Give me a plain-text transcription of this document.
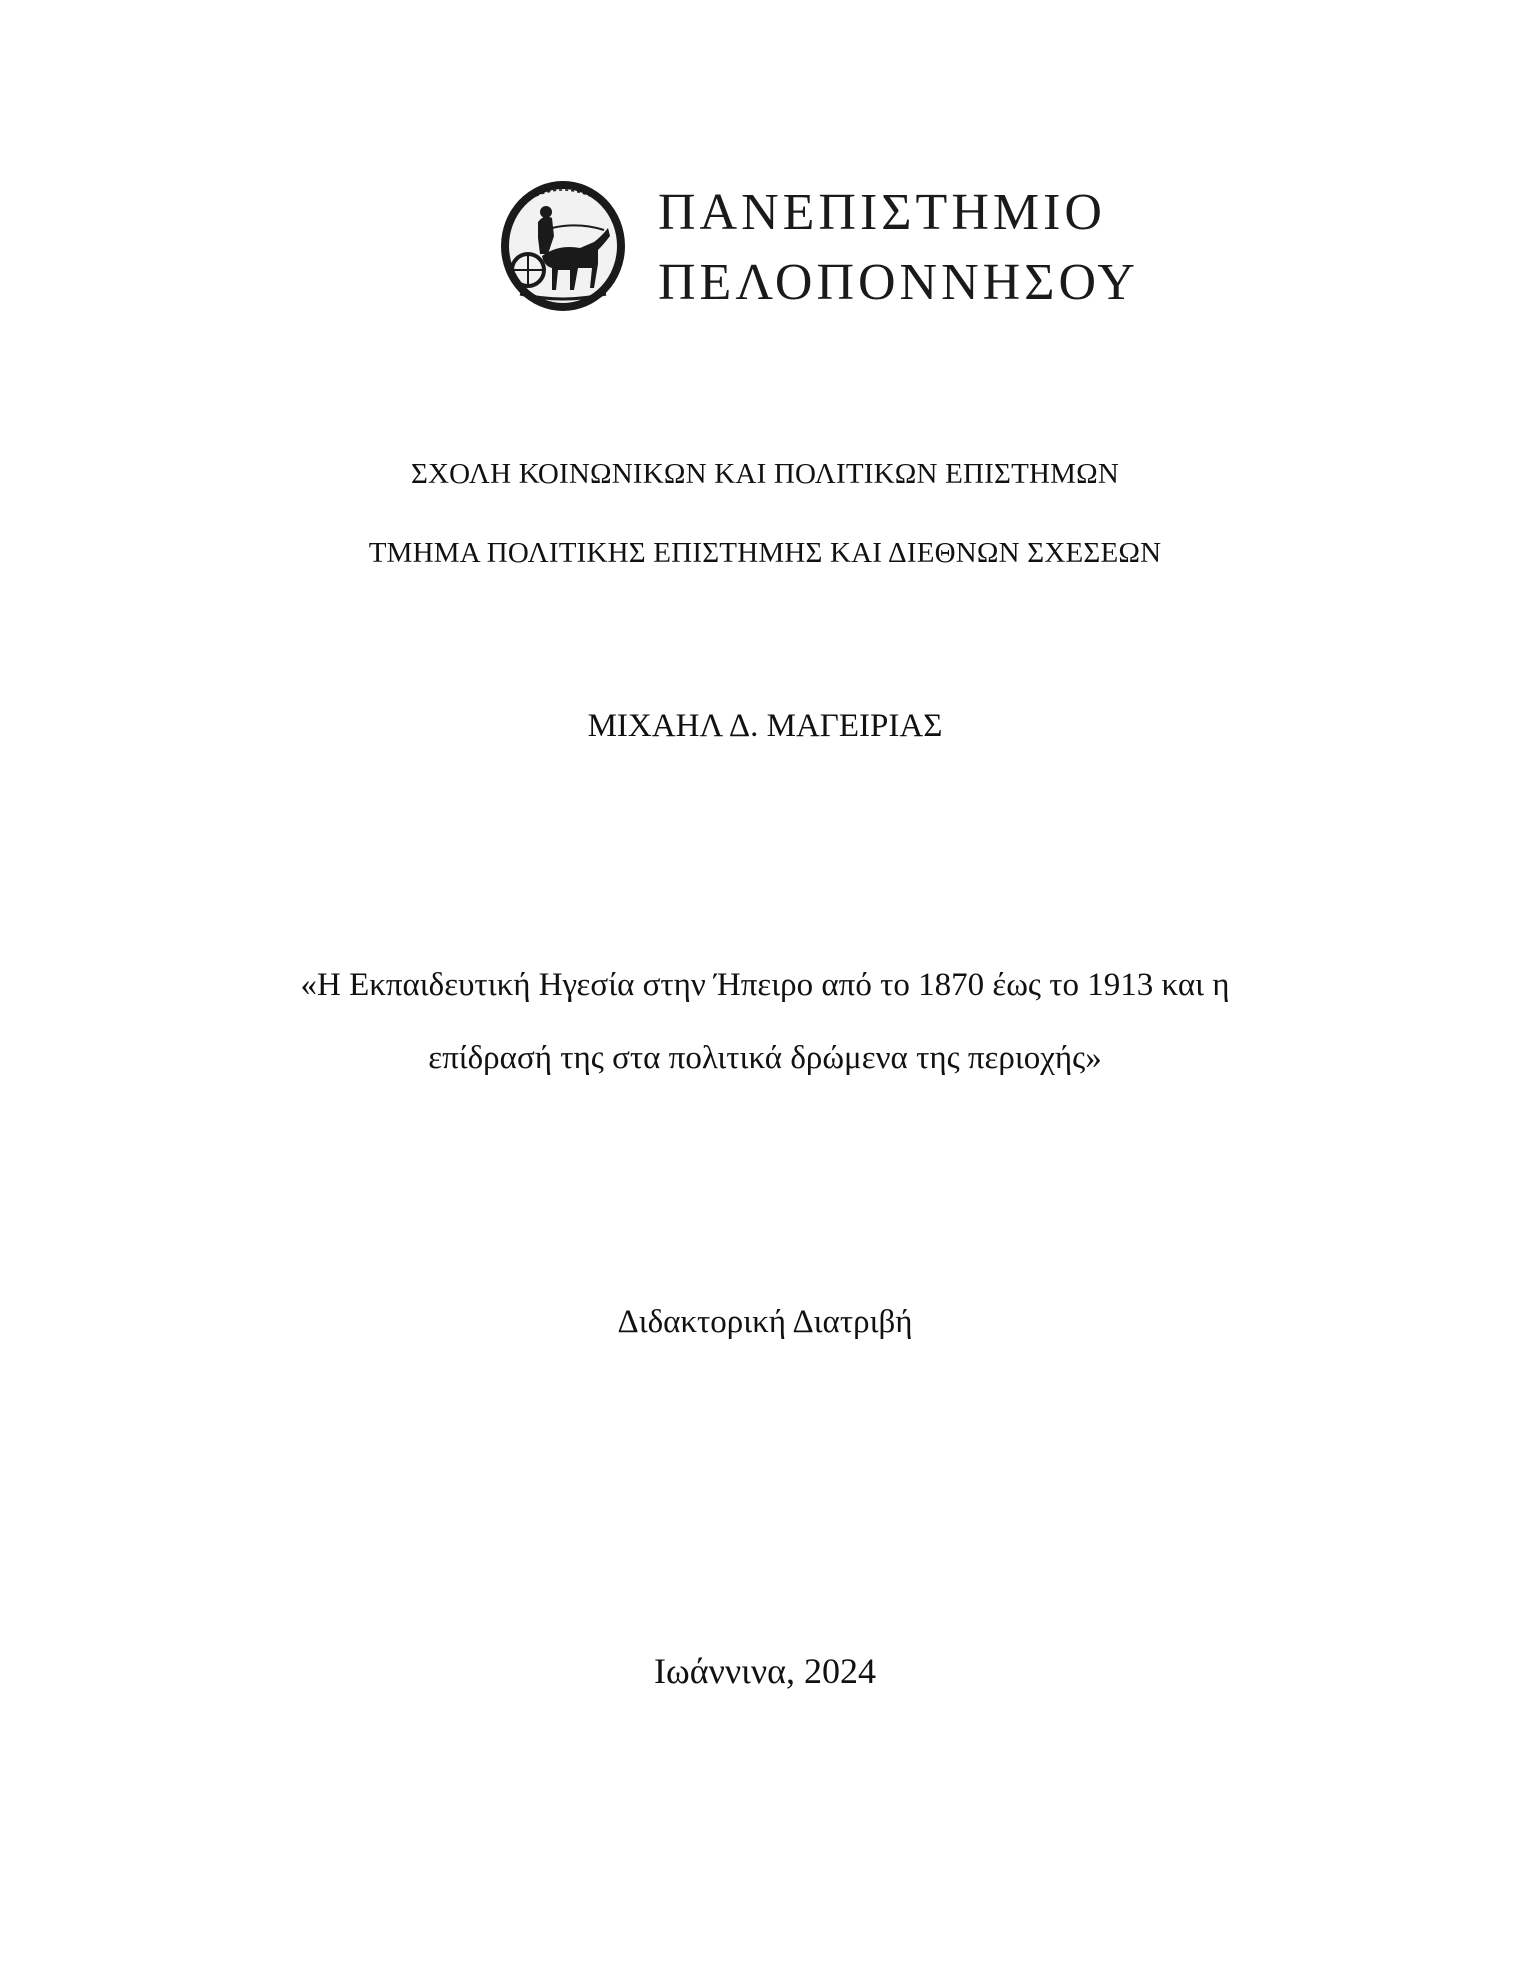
ΠΑΝΕΠΙΣΤΗΜΙΟ
ΠΕΛΟΠΟΝΝΗΣΟΥ
ΣΧΟΛΗ ΚΟΙΝΩΝΙΚΩΝ ΚΑΙ ΠΟΛΙΤΙΚΩΝ ΕΠΙΣΤΗΜΩΝ
ΤΜΗΜΑ ΠΟΛΙΤΙΚΗΣ ΕΠΙΣΤΗΜΗΣ ΚΑΙ ΔΙΕΘΝΩΝ ΣΧΕΣΕΩΝ
ΜΙΧΑΗΛ Δ. ΜΑΓΕΙΡΙΑΣ
«Η Εκπαιδευτική Ηγεσία στην Ήπειρο από το 1870 έως το 1913 και η
επίδρασή της στα πολιτικά δρώμενα της περιοχής»
Διδακτορική Διατριβή
Ιωάννινα, 2024
